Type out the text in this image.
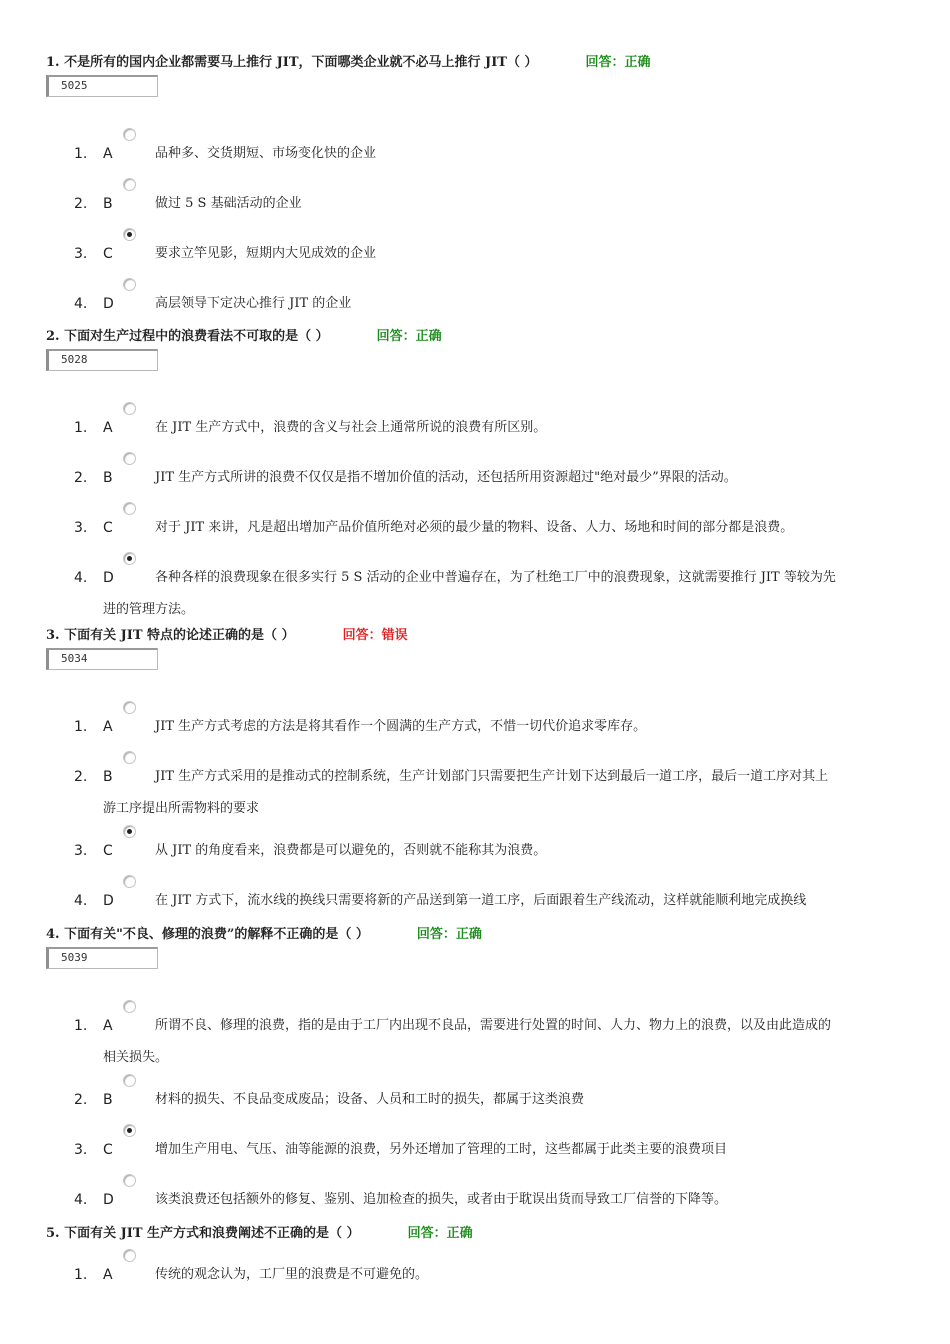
1. 不是所有的国内企业都需要马上推行 JIT，下面哪类企业就不必马上推行 JIT（ ）	回答：正确
5025
1. A	品种多、交货期短、市场变化快的企业
2. B	做过 5 S 基础活动的企业
3. C	要求立竿见影，短期内大见成效的企业
4. D	高层领导下定决心推行 JIT 的企业
2. 下面对生产过程中的浪费看法不可取的是（ ）	回答：正确
5028
1. A	在 JIT 生产方式中，浪费的含义与社会上通常所说的浪费有所区别。
2. B	JIT 生产方式所讲的浪费不仅仅是指不增加价值的活动，还包括所用资源超过"绝对最少”界限的活动。
3. C	对于 JIT 来讲，凡是超出增加产品价值所绝对必须的最少量的物料、设备、人力、场地和时间的部分都是浪费。
4. D	各种各样的浪费现象在很多实行 5 S 活动的企业中普遍存在，为了杜绝工厂中的浪费现象，这就需要推行 JIT 等较为先
进的管理方法。
3. 下面有关 JIT 特点的论述正确的是（ ）	回答：错误
5034
1. A	JIT 生产方式考虑的方法是将其看作一个圆满的生产方式，不惜一切代价追求零库存。
2. B	JIT 生产方式采用的是推动式的控制系统，生产计划部门只需要把生产计划下达到最后一道工序，最后一道工序对其上
游工序提出所需物料的要求
3. C	从 JIT 的角度看来，浪费都是可以避免的，否则就不能称其为浪费。
4. D	在 JIT 方式下，流水线的换线只需要将新的产品送到第一道工序，后面跟着生产线流动，这样就能顺利地完成换线
4. 下面有关"不良、修理的浪费”的解释不正确的是（ ）	回答：正确
5039
1. A	所谓不良、修理的浪费，指的是由于工厂内出现不良品，需要进行处置的时间、人力、物力上的浪费，以及由此造成的
相关损失。
2. B	材料的损失、不良品变成废品；设备、人员和工时的损失，都属于这类浪费
3. C	增加生产用电、气压、油等能源的浪费，另外还增加了管理的工时，这些都属于此类主要的浪费项目
4. D	该类浪费还包括额外的修复、鉴别、追加检查的损失，或者由于耽误出货而导致工厂信誉的下降等。
5. 下面有关 JIT 生产方式和浪费阐述不正确的是（ ）	回答：正确
1. A	传统的观念认为，工厂里的浪费是不可避免的。
